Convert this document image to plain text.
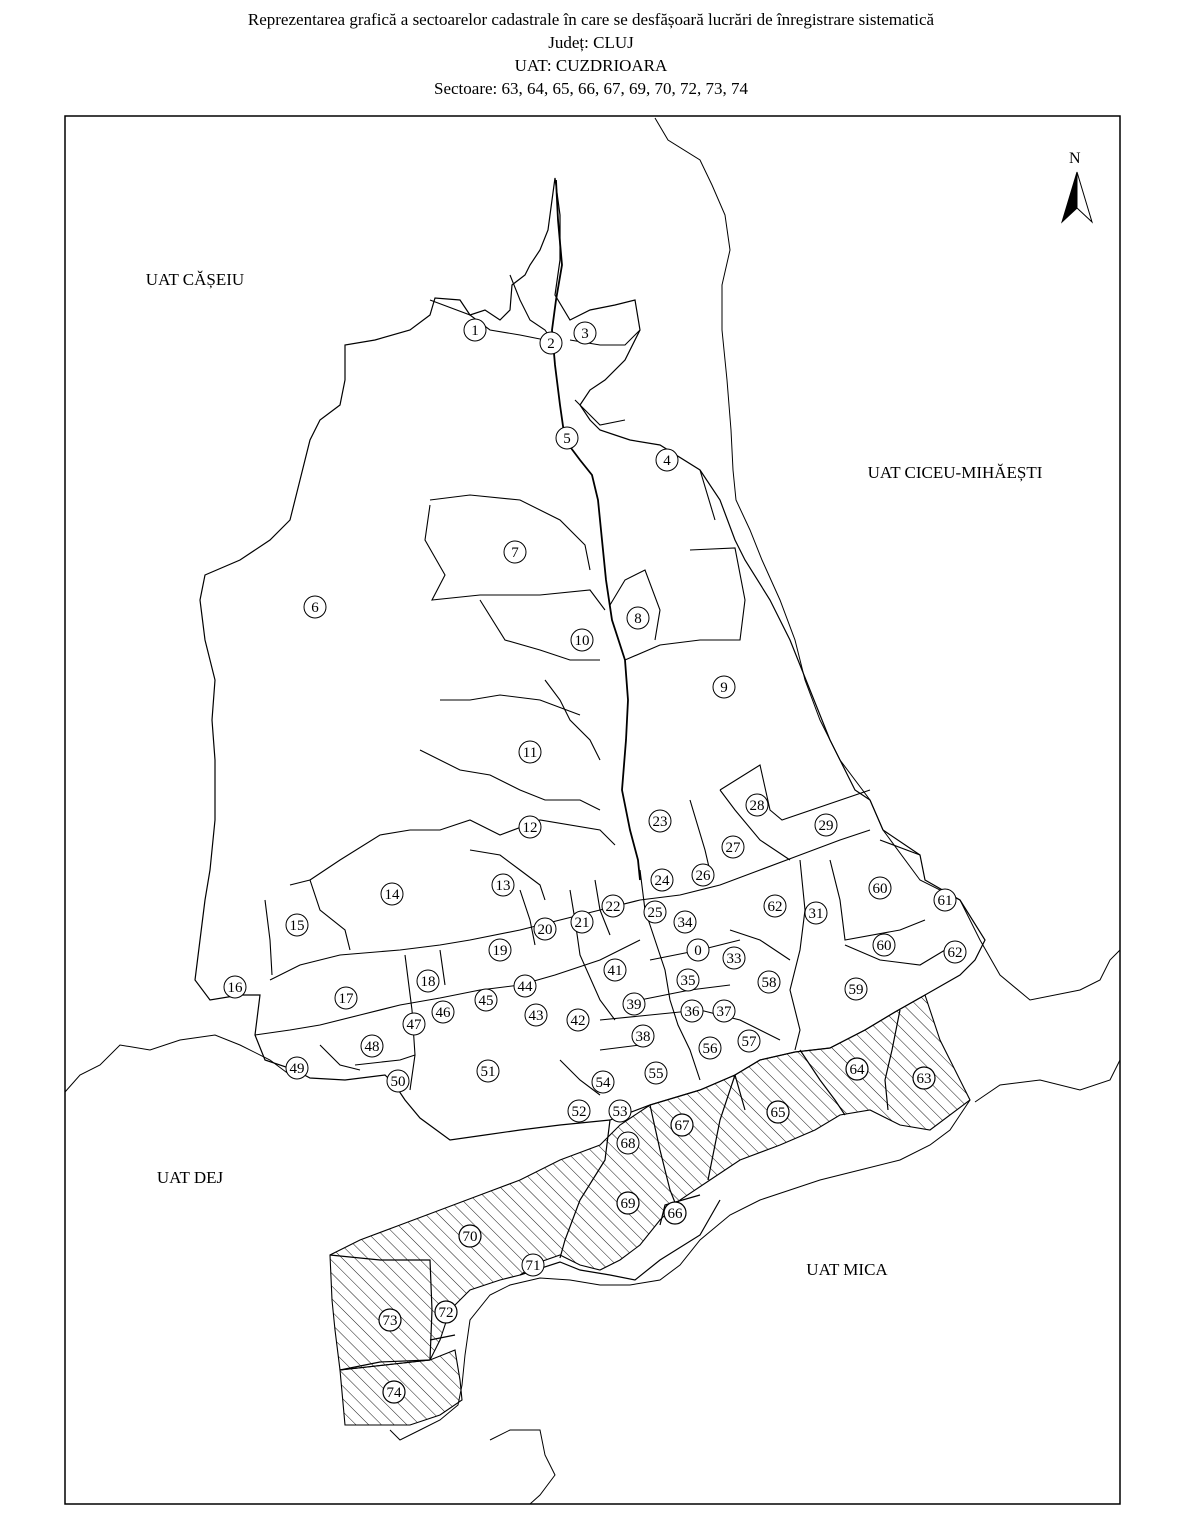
Reprezentarea grafică a sectoarelor cadastrale în care se desfășoară lucrări de înregistrare sistematică
Județ: CLUJ
UAT: CUZDRIOARA
Sectoare: 63, 64, 65, 66, 67, 69, 70, 72, 73, 74
N
UAT CĂȘEIU
UAT CICEU-MIHĂEȘTI
UAT DEJ
UAT MICA
1
2
3
4
5
6
7
8
9
10
11
12
13
14
15
16
17
18
19
20 21
22
23
24
25
26
27
28
29
60
61
62 31
62
60
59
58
33
34
0
35
41
39	36 37
57
56
38
55
42
43
44
45
46
47
48
49
50
51
54
53
52
68
67
65
64
63
69
66
70
71
72
73
74
